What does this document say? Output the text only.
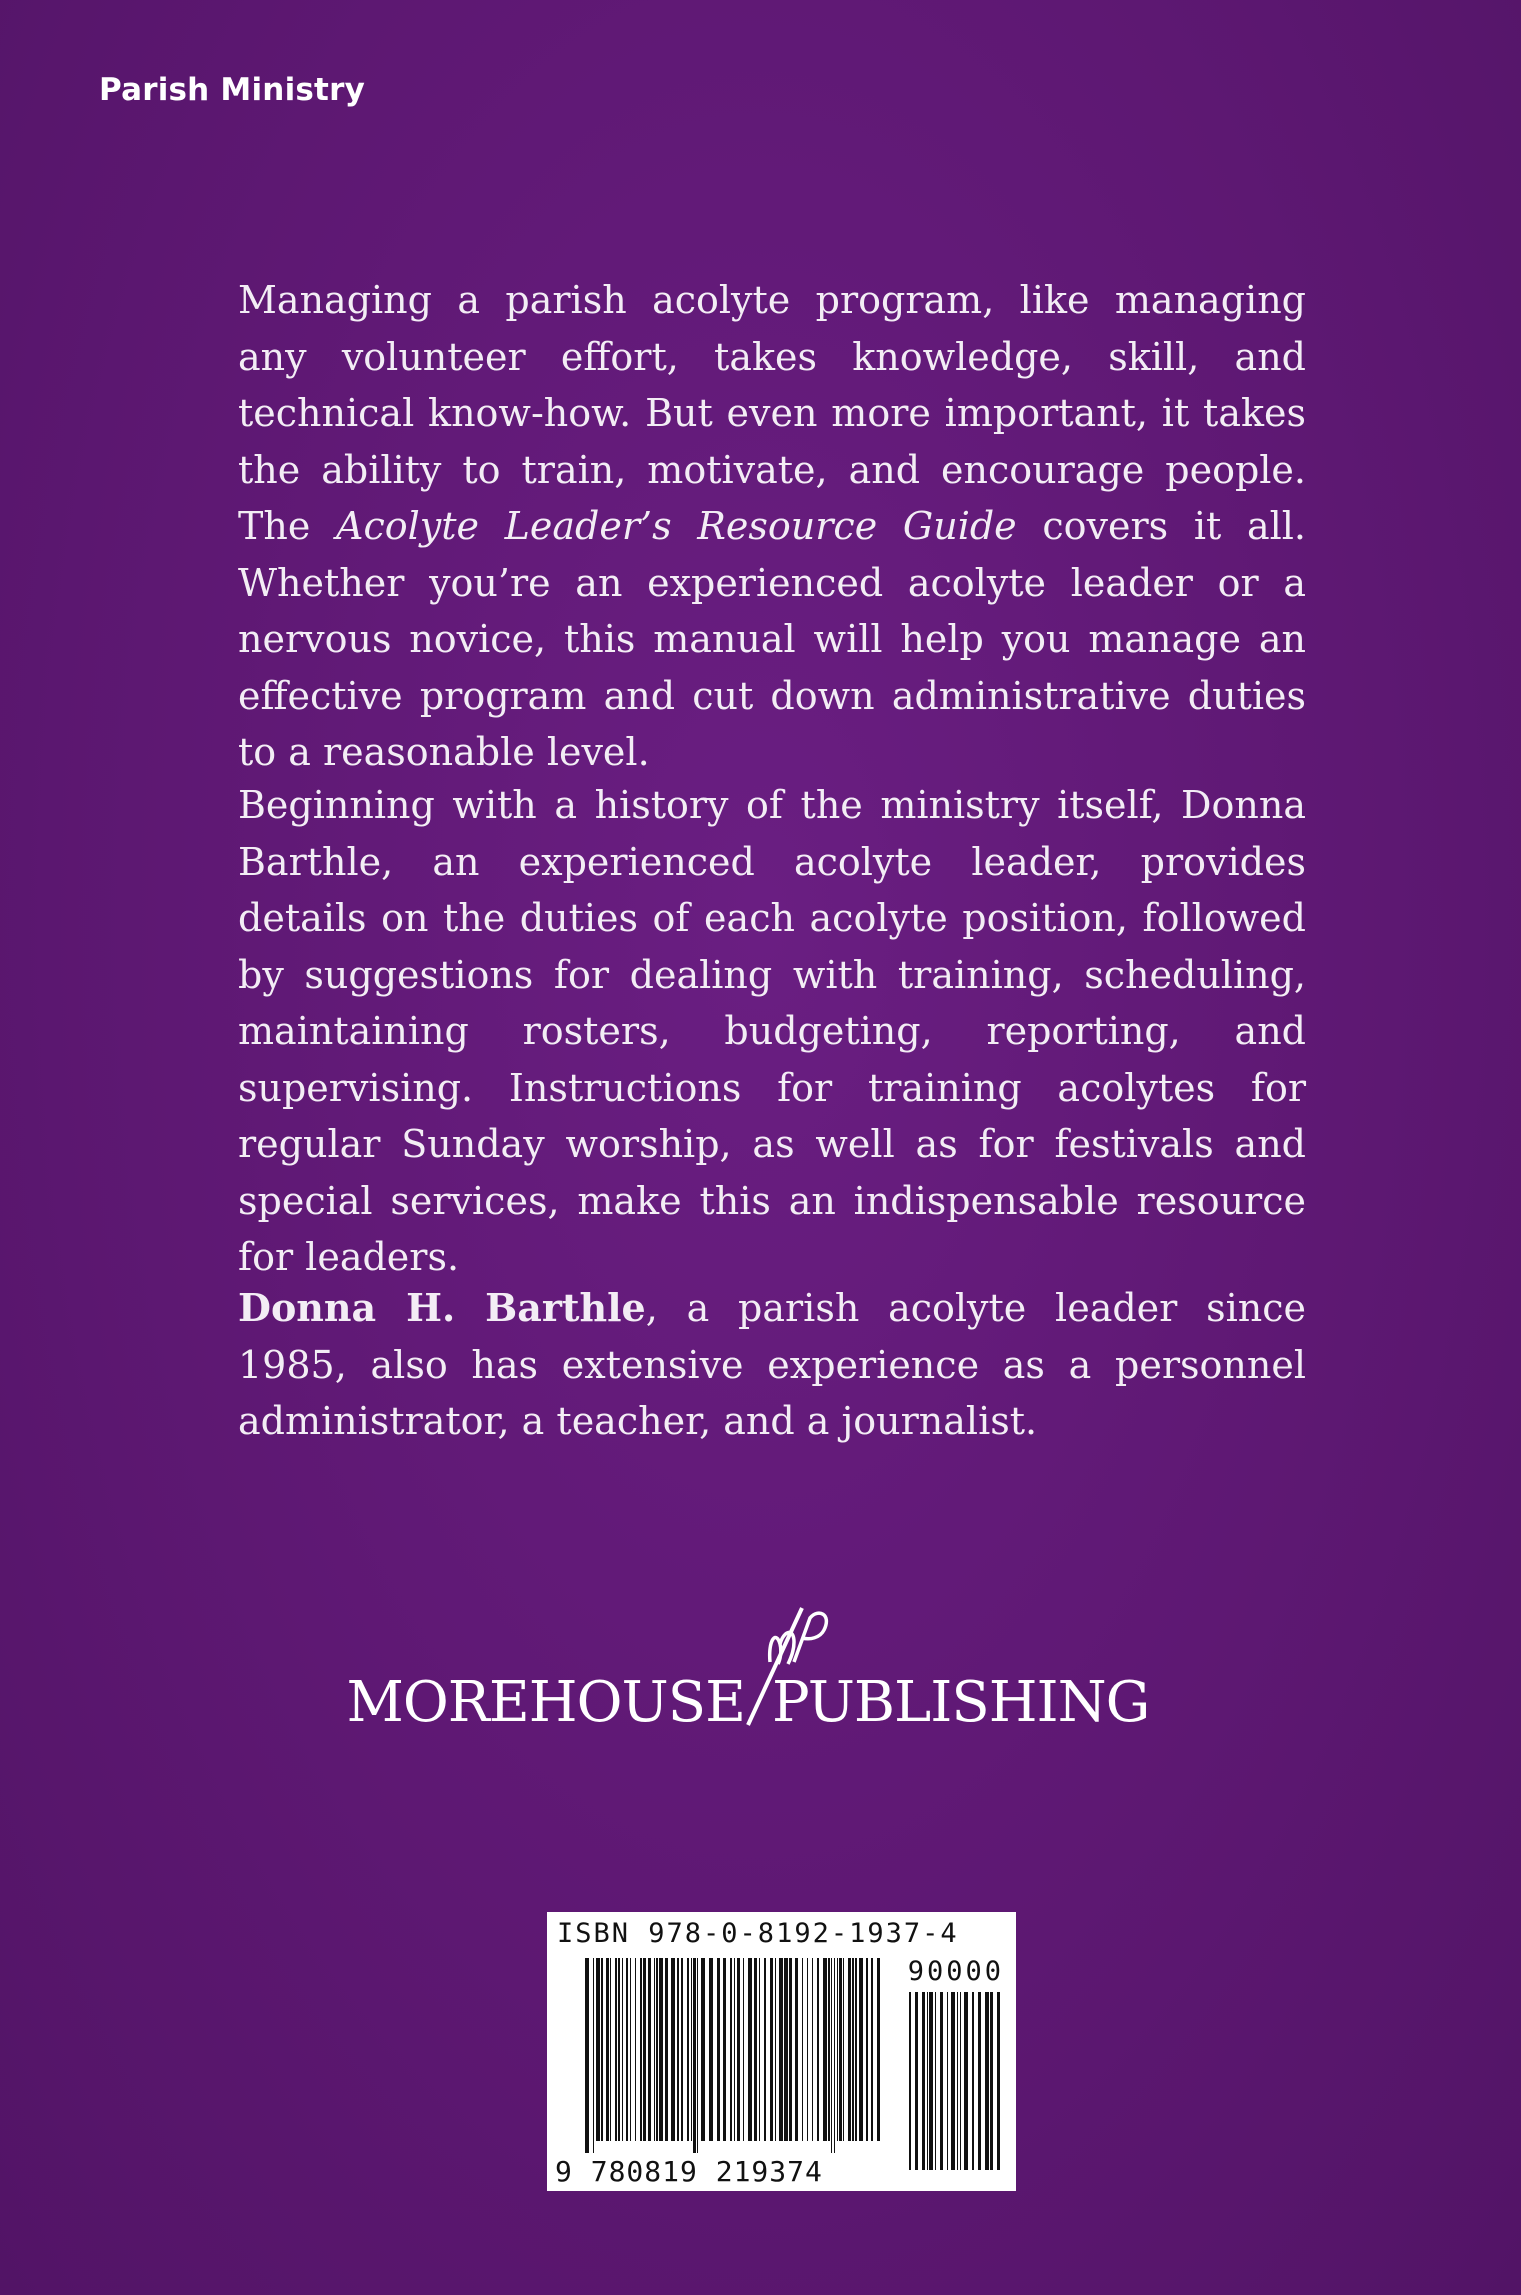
Parish Ministry

Managing a parish acolyte program, like managing any volunteer effort, takes knowledge, skill, and technical know-how. But even more important, it takes the ability to train, motivate, and encourage people. The Acolyte Leader’s Resource Guide covers it all. Whether you’re an experienced acolyte leader or a nervous novice, this manual will help you manage an effective program and cut down administrative duties to a reasonable level.

Beginning with a history of the ministry itself, Donna Barthle, an experienced acolyte leader, provides details on the duties of each acolyte position, followed by suggestions for dealing with training, scheduling, maintaining rosters, budgeting, reporting, and supervising. Instructions for training acolytes for regular Sunday worship, as well as for festivals and special services, make this an indispensable resource for leaders.

Donna H. Barthle, a parish acolyte leader since 1985, also has extensive experience as a personnel administrator, a teacher, and a journalist.

MOREHOUSE PUBLISHING
ISBN 978-0-8192-1937-4
90000
9 780819 219374
